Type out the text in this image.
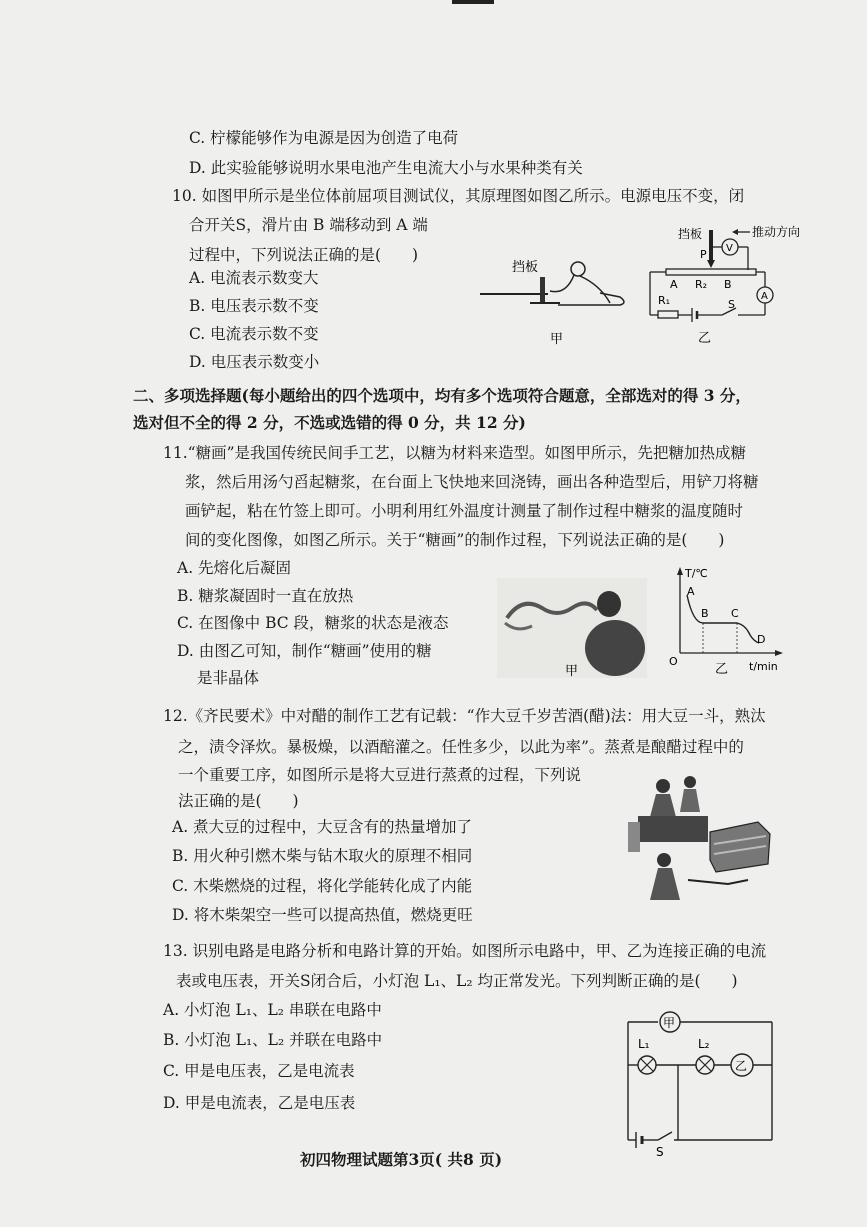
C. 柠檬能够作为电源是因为创造了电荷
D. 此实验能够说明水果电池产生电流大小与水果种类有关
10. 如图甲所示是坐位体前屈项目测试仪，其原理图如图乙所示。电源电压不变，闭
合开关S，滑片由 B 端移动到 A 端
过程中，下列说法正确的是(　　)
A. 电流表示数变大
B. 电压表示数不变
C. 电流表示数不变
D. 电压表示数变小
挡板
甲
挡板	推动方向
V
P
A R₂ B
A
R₁	S
乙
二、多项选择题(每小题给出的四个选项中，均有多个选项符合题意，全部选对的得 3 分，
选对但不全的得 2 分，不选或选错的得 0 分，共 12 分)
11.“糖画”是我国传统民间手工艺，以糖为材料来造型。如图甲所示，先把糖加热成糖
浆，然后用汤勺舀起糖浆，在台面上飞快地来回浇铸，画出各种造型后，用铲刀将糖
画铲起，粘在竹签上即可。小明利用红外温度计测量了制作过程中糖浆的温度随时
间的变化图像，如图乙所示。关于“糖画”的制作过程，下列说法正确的是(　　)
A. 先熔化后凝固
B. 糖浆凝固时一直在放热
C. 在图像中 BC 段，糖浆的状态是液态
D. 由图乙可知，制作“糖画”使用的糖
是非晶体	甲
T/℃
O	t/min
A
B C
D
乙
12.《齐民要术》中对醋的制作工艺有记载：“作大豆千岁苦酒(醋)法：用大豆一斗，熟汰
之，渍令泽炊。暴极燥，以酒醅灌之。任性多少，以此为率”。蒸煮是酿醋过程中的
一个重要工序，如图所示是将大豆进行蒸煮的过程，下列说
法正确的是(　　)
A. 煮大豆的过程中，大豆含有的热量增加了
B. 用火种引燃木柴与钻木取火的原理不相同
C. 木柴燃烧的过程，将化学能转化成了内能
D. 将木柴架空一些可以提高热值，燃烧更旺
13. 识别电路是电路分析和电路计算的开始。如图所示电路中，甲、乙为连接正确的电流
表或电压表，开关S闭合后，小灯泡 L₁、L₂ 均正常发光。下列判断正确的是(　　)
A. 小灯泡 L₁、L₂ 串联在电路中
B. 小灯泡 L₁、L₂ 并联在电路中
C. 甲是电压表，乙是电流表
D. 甲是电流表，乙是电压表
甲
L₁	L₂
乙
S
初四物理试题第3页( 共8 页)
